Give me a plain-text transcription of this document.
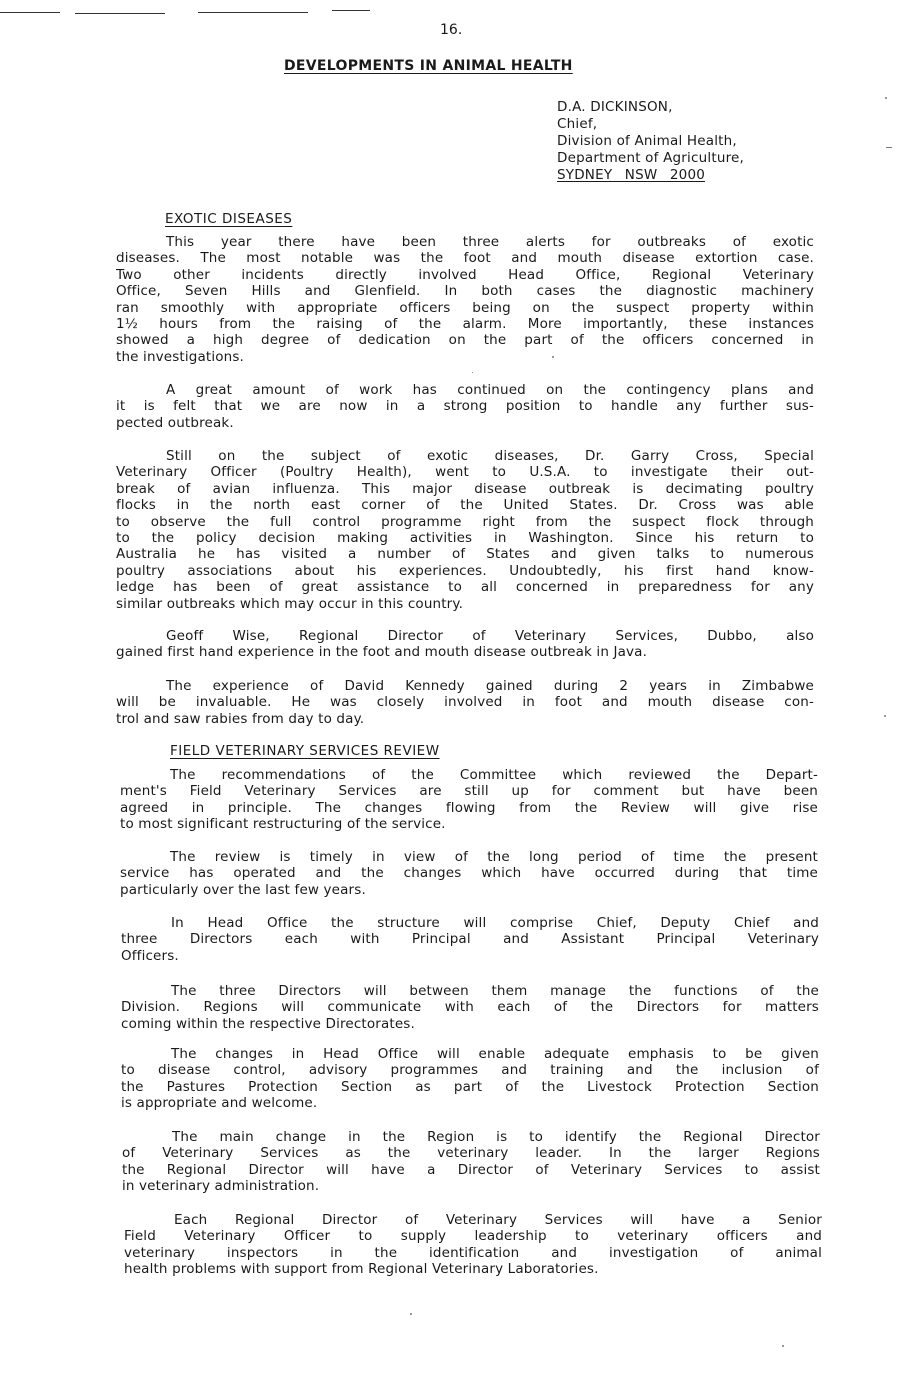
16.
DEVELOPMENTS IN ANIMAL HEALTH
D.A. DICKINSON,
Chief,
Division of Animal Health,
Department of Agriculture,
SYDNEY NSW 2000
EXOTIC DISEASES
This year there have been three alerts for outbreaks of exotic
diseases. The most notable was the foot and mouth disease extortion case.
Two other incidents directly involved Head Office, Regional Veterinary
Office, Seven Hills and Glenfield. In both cases the diagnostic machinery
ran smoothly with appropriate officers being on the suspect property within
1½ hours from the raising of the alarm. More importantly, these instances
showed a high degree of dedication on the part of the officers concerned in
the investigations.
A great amount of work has continued on the contingency plans and
it is felt that we are now in a strong position to handle any further sus-
pected outbreak.
Still on the subject of exotic diseases, Dr. Garry Cross, Special
Veterinary Officer (Poultry Health), went to U.S.A. to investigate their out-
break of avian influenza. This major disease outbreak is decimating poultry
flocks in the north east corner of the United States. Dr. Cross was able
to observe the full control programme right from the suspect flock through
to the policy decision making activities in Washington. Since his return to
Australia he has visited a number of States and given talks to numerous
poultry associations about his experiences. Undoubtedly, his first hand know-
ledge has been of great assistance to all concerned in preparedness for any
similar outbreaks which may occur in this country.
Geoff Wise, Regional Director of Veterinary Services, Dubbo, also
gained first hand experience in the foot and mouth disease outbreak in Java.
The experience of David Kennedy gained during 2 years in Zimbabwe
will be invaluable. He was closely involved in foot and mouth disease con-
trol and saw rabies from day to day.
FIELD VETERINARY SERVICES REVIEW
The recommendations of the Committee which reviewed the Depart-
ment's Field Veterinary Services are still up for comment but have been
agreed in principle. The changes flowing from the Review will give rise
to most significant restructuring of the service.
The review is timely in view of the long period of time the present
service has operated and the changes which have occurred during that time
particularly over the last few years.
In Head Office the structure will comprise Chief, Deputy Chief and
three Directors each with Principal and Assistant Principal Veterinary
Officers.
The three Directors will between them manage the functions of the
Division. Regions will communicate with each of the Directors for matters
coming within the respective Directorates.
The changes in Head Office will enable adequate emphasis to be given
to disease control, advisory programmes and training and the inclusion of
the Pastures Protection Section as part of the Livestock Protection Section
is appropriate and welcome.
The main change in the Region is to identify the Regional Director
of Veterinary Services as the veterinary leader. In the larger Regions
the Regional Director will have a Director of Veterinary Services to assist
in veterinary administration.
Each Regional Director of Veterinary Services will have a Senior
Field Veterinary Officer to supply leadership to veterinary officers and
veterinary inspectors in the identification and investigation of animal
health problems with support from Regional Veterinary Laboratories.
